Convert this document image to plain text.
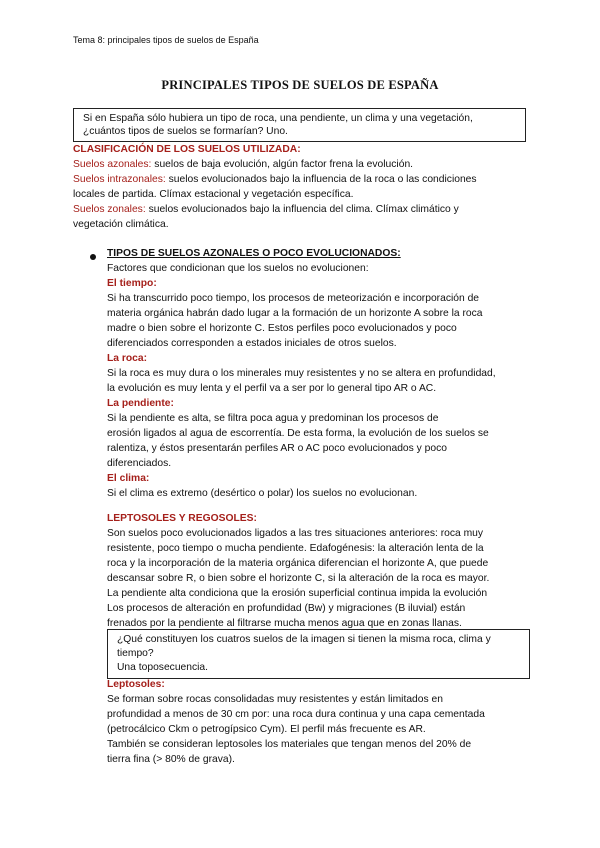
Tema 8: principales tipos de suelos de España
PRINCIPALES TIPOS DE SUELOS DE ESPAÑA
Si en España sólo hubiera un tipo de roca, una pendiente, un clima y una vegetación,
¿cuántos tipos de suelos se formarían? Uno.
CLASIFICACIÓN DE LOS SUELOS UTILIZADA:
Suelos azonales: suelos de baja evolución, algún factor frena la evolución.
Suelos intrazonales: suelos evolucionados bajo la influencia de la roca o las condiciones
locales de partida. Clímax estacional y vegetación específica.
Suelos zonales: suelos evolucionados bajo la influencia del clima. Clímax climático y
vegetación climática.
TIPOS DE SUELOS AZONALES O POCO EVOLUCIONADOS:
Factores que condicionan que los suelos no evolucionen:
El tiempo:
Si ha transcurrido poco tiempo, los procesos de meteorización e incorporación de
materia orgánica habrán dado lugar a la formación de un horizonte A sobre la roca
madre o bien sobre el horizonte C. Estos perfiles poco evolucionados y poco
diferenciados corresponden a estados iniciales de otros suelos.
La roca:
Si la roca es muy dura o los minerales muy resistentes y no se altera en profundidad,
la evolución es muy lenta y el perfil va a ser por lo general tipo AR o AC.
La pendiente:
Si la pendiente es alta, se filtra poca agua y predominan los procesos de
erosión ligados al agua de escorrentía. De esta forma, la evolución de los suelos se
ralentiza, y éstos presentarán perfiles AR o AC poco evolucionados y poco
diferenciados.
El clima:
Si el clima es extremo (desértico o polar) los suelos no evolucionan.
LEPTOSOLES Y REGOSOLES:
Son suelos poco evolucionados ligados a las tres situaciones anteriores: roca muy
resistente, poco tiempo o mucha pendiente. Edafogénesis: la alteración lenta de la
roca y la incorporación de la materia orgánica diferencian el horizonte A, que puede
descansar sobre R, o bien sobre el horizonte C, si la alteración de la roca es mayor.
La pendiente alta condiciona que la erosión superficial continua impida la evolución
Los procesos de alteración en profundidad (Bw) y migraciones (B iluvial) están
frenados por la pendiente al filtrarse mucha menos agua que en zonas llanas.
¿Qué constituyen los cuatros suelos de la imagen si tienen la misma roca, clima y
tiempo?
Una toposecuencia.
Leptosoles:
Se forman sobre rocas consolidadas muy resistentes y están limitados en
profundidad a menos de 30 cm por: una roca dura continua y una capa cementada
(petrocálcico Ckm o petrogípsico Cym). El perfil más frecuente es AR.
También se consideran leptosoles los materiales que tengan menos del 20% de
tierra fina (> 80% de grava).
